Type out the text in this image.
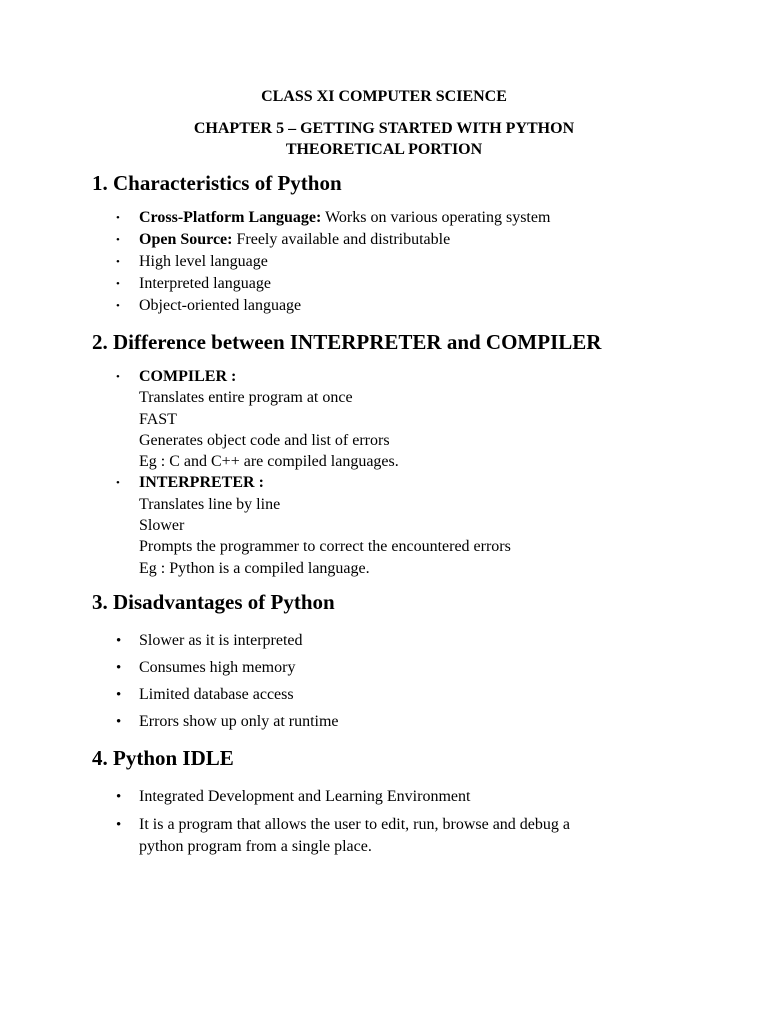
CLASS XI COMPUTER SCIENCE

CHAPTER 5 – GETTING STARTED WITH PYTHON

THEORETICAL PORTION

1. Characteristics of Python
• Cross-Platform Language: Works on various operating system
• Open Source: Freely available and distributable
• High level language
• Interpreted language
• Object-oriented language
2. Difference between INTERPRETER and COMPILER
• COMPILER :
Translates entire program at once
FAST
Generates object code and list of errors
Eg : C and C++ are compiled languages.
• INTERPRETER :
Translates line by line
Slower
Prompts the programmer to correct the encountered errors
Eg : Python is a compiled language.
3. Disadvantages of Python
• Slower as it is interpreted
• Consumes high memory
• Limited database access
• Errors show up only at runtime
4. Python IDLE
• Integrated Development and Learning Environment
• It is a program that allows the user to edit, run, browse and debug a
python program from a single place.
